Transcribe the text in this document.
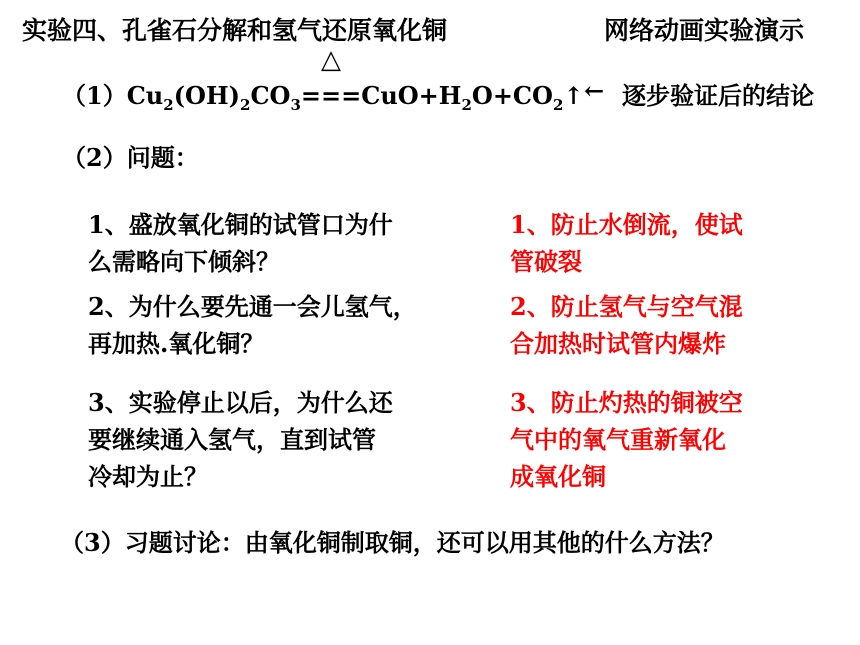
实验四、孔雀石分解和氢气还原氧化铜	网络动画实验演示
$(1)Cu_2(OH)_2CO_3$
△
$===CuO+H_2O+CO_2↑$ ← 逐步验证后的结论
（2）问题：
1、盛放氧化铜的试管口为什
么需略向下倾斜？
1、防止水倒流，使试
管破裂
2、为什么要先通一会儿氢气，
再加热.氧化铜？
2、防止氢气与空气混
合加热时试管内爆炸
3、实验停止以后，为什么还
要继续通入氢气，直到试管
冷却为止？
3、防止灼热的铜被空
气中的氧气重新氧化
成氧化铜
（3）习题讨论：由氧化铜制取铜，还可以用其他的什么方法？
